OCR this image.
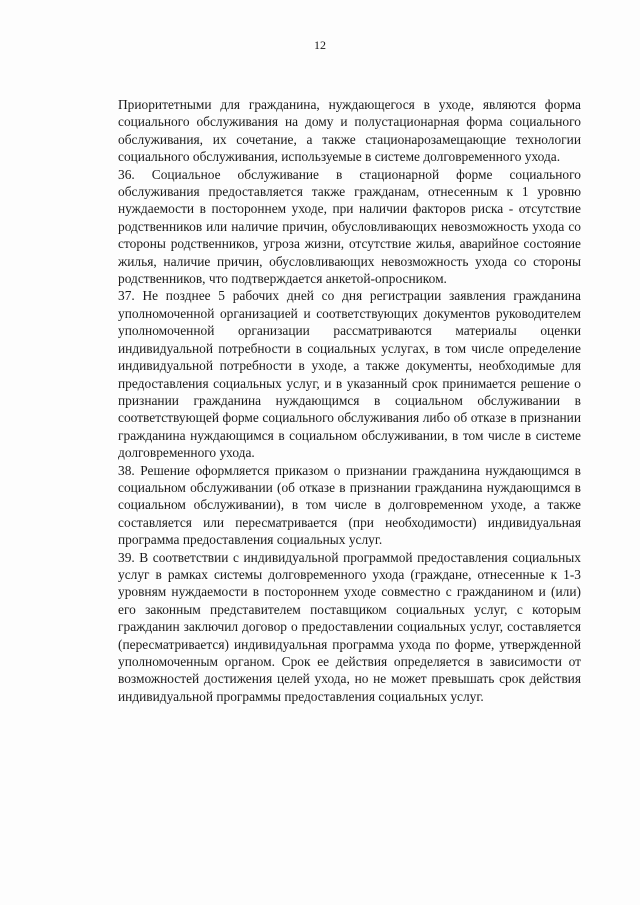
12

Приоритетными для гражданина, нуждающегося в уходе, являются форма социального обслуживания на дому и полустационарная форма социального обслуживания, их сочетание, а также стационарозамещающие технологии социального обслуживания, используемые в системе долговременного ухода.

36. Социальное обслуживание в стационарной форме социального обслуживания предоставляется также гражданам, отнесенным к 1 уровню нуждаемости в постороннем уходе, при наличии факторов риска - отсутствие родственников или наличие причин, обусловливающих невозможность ухода со стороны родственников, угроза жизни, отсутствие жилья, аварийное состояние жилья, наличие причин, обусловливающих невозможность ухода со стороны родственников, что подтверждается анкетой-опросником.

37. Не позднее 5 рабочих дней со дня регистрации заявления гражданина уполномоченной организацией и соответствующих документов руководителем уполномоченной организации рассматриваются материалы оценки индивидуальной потребности в социальных услугах, в том числе определение индивидуальной потребности в уходе, а также документы, необходимые для предоставления социальных услуг, и в указанный срок принимается решение о признании гражданина нуждающимся в социальном обслуживании в соответствующей форме социального обслуживания либо об отказе в признании гражданина нуждающимся в социальном обслуживании, в том числе в системе долговременного ухода.

38. Решение оформляется приказом о признании гражданина нуждающимся в социальном обслуживании (об отказе в признании гражданина нуждающимся в социальном обслуживании), в том числе в долговременном уходе, а также составляется или пересматривается (при необходимости) индивидуальная программа предоставления социальных услуг.

39. В соответствии с индивидуальной программой предоставления социальных услуг в рамках системы долговременного ухода (граждане, отнесенные к 1-3 уровням нуждаемости в постороннем уходе совместно с гражданином и (или) его законным представителем поставщиком социальных услуг, с которым гражданин заключил договор о предоставлении социальных услуг, составляется (пересматривается) индивидуальная программа ухода по форме, утвержденной уполномоченным органом. Срок ее действия определяется в зависимости от возможностей достижения целей ухода, но не может превышать срок действия индивидуальной программы предоставления социальных услуг.
